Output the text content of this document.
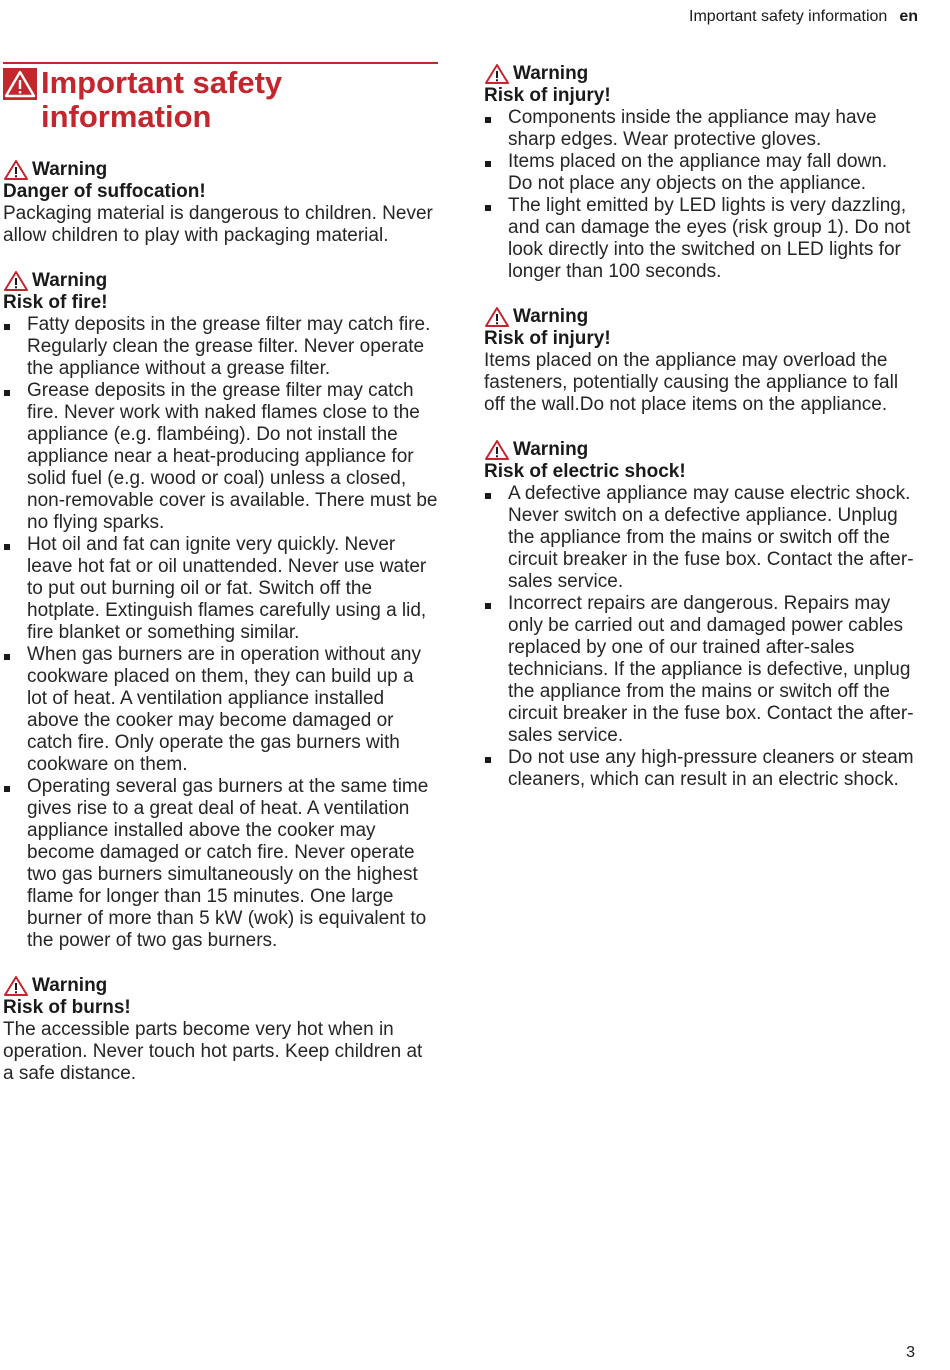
Important safety information en
Important safety information
Warning
Danger of suffocation!

Packaging material is dangerous to children. Never allow children to play with packaging material.

Warning
Risk of fire!
Fatty deposits in the grease filter may catch fire. Regularly clean the grease filter. Never operate the appliance without a grease filter.
Grease deposits in the grease filter may catch fire. Never work with naked flames close to the appliance (e.g. flambéing). Do not install the appliance near a heat-producing appliance for solid fuel (e.g. wood or coal) unless a closed, non-removable cover is available. There must be no flying sparks.
Hot oil and fat can ignite very quickly. Never leave hot fat or oil unattended. Never use water to put out burning oil or fat. Switch off the hotplate. Extinguish flames carefully using a lid, fire blanket or something similar.
When gas burners are in operation without any cookware placed on them, they can build up a lot of heat. A ventilation appliance installed above the cooker may become damaged or catch fire. Only operate the gas burners with cookware on them.
Operating several gas burners at the same time gives rise to a great deal of heat. A ventilation appliance installed above the cooker may become damaged or catch fire. Never operate two gas burners simultaneously on the highest flame for longer than 15 minutes. One large burner of more than 5 kW (wok) is equivalent to the power of two gas burners.
Warning
Risk of burns!

The accessible parts become very hot when in operation. Never touch hot parts. Keep children at a safe distance.

Warning
Risk of injury!
Components inside the appliance may have sharp edges. Wear protective gloves.
Items placed on the appliance may fall down. Do not place any objects on the appliance.
The light emitted by LED lights is very dazzling, and can damage the eyes (risk group 1). Do not look directly into the switched on LED lights for longer than 100 seconds.
Warning
Risk of injury!

Items placed on the appliance may overload the fasteners, potentially causing the appliance to fall off the wall.Do not place items on the appliance.

Warning
Risk of electric shock!
A defective appliance may cause electric shock. Never switch on a defective appliance. Unplug the appliance from the mains or switch off the circuit breaker in the fuse box. Contact the after-sales service.
Incorrect repairs are dangerous. Repairs may only be carried out and damaged power cables replaced by one of our trained after-sales technicians. If the appliance is defective, unplug the appliance from the mains or switch off the circuit breaker in the fuse box. Contact the after-sales service.
Do not use any high-pressure cleaners or steam cleaners, which can result in an electric shock.
3
